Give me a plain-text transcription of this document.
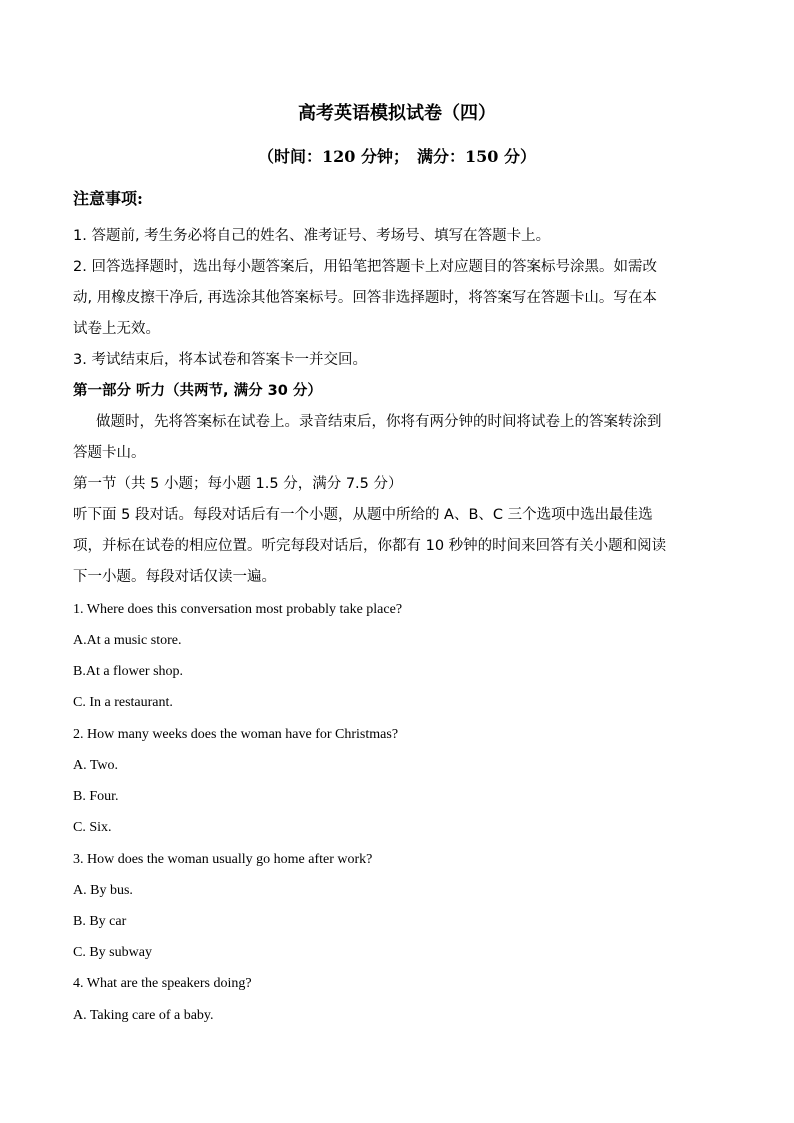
高考英语模拟试卷（四）
（时间：120 分钟；　满分：150 分）
注意事项:
1. 答题前, 考生务必将自己的姓名、准考证号、考场号、填写在答题卡上。
2. 回答选择题时，选出每小题答案后，用铅笔把答题卡上对应题目的答案标号涂黑。如需改
动, 用橡皮擦干净后, 再选涂其他答案标号。回答非选择题时，将答案写在答题卡山。写在本
试卷上无效。
3. 考试结束后，将本试卷和答案卡一并交回。
第一部分 听力（共两节, 满分 30 分）
做题时，先将答案标在试卷上。录音结束后，你将有两分钟的时间将试卷上的答案转涂到
答题卡山。
第一节（共 5 小题；每小题 1.5 分，满分 7.5 分）
听下面 5 段对话。每段对话后有一个小题，从题中所给的 A、B、C 三个选项中选出最佳选
项，并标在试卷的相应位置。听完每段对话后，你都有 10 秒钟的时间来回答有关小题和阅读
下一小题。每段对话仅读一遍。
1. Where does this conversation most probably take place?
A.At a music store.
B.At a flower shop.
C. In a restaurant.
2. How many weeks does the woman have for Christmas?
A. Two.
B. Four.
C. Six.
3. How does the woman usually go home after work?
A. By bus.
B. By car
C. By subway
4. What are the speakers doing?
A. Taking care of a baby.
